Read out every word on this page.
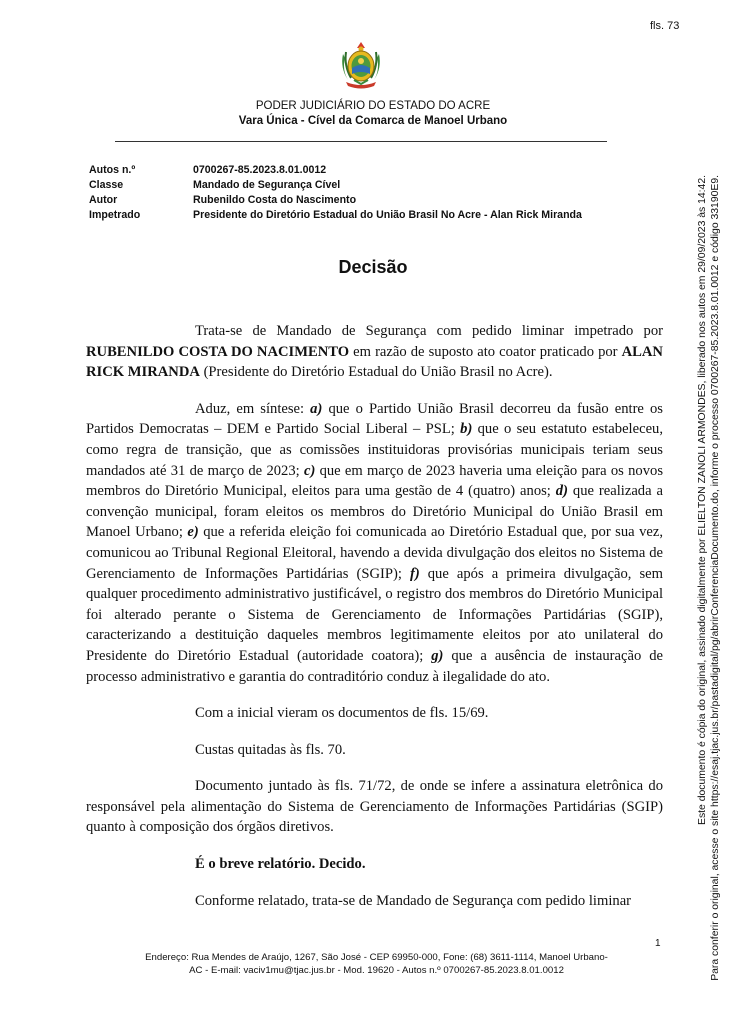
fls. 73
PODER JUDICIÁRIO DO ESTADO DO ACRE
Vara Única - Cível da Comarca de Manoel Urbano
Autos n.º	0700267-85.2023.8.01.0012
Classe	Mandado de Segurança Cível
Autor	Rubenildo Costa do Nascimento
Impetrado	Presidente do Diretório Estadual do União Brasil No Acre - Alan Rick Miranda
Decisão

Trata-se de Mandado de Segurança com pedido liminar impetrado por RUBENILDO COSTA DO NACIMENTO em razão de suposto ato coator praticado por ALAN RICK MIRANDA (Presidente do Diretório Estadual do União Brasil no Acre).

Aduz, em síntese: a) que o Partido União Brasil decorreu da fusão entre os Partidos Democratas – DEM e Partido Social Liberal – PSL; b) que o seu estatuto estabeleceu, como regra de transição, que as comissões instituidoras provisórias municipais teriam seus mandados até 31 de março de 2023; c) que em março de 2023 haveria uma eleição para os novos membros do Diretório Municipal, eleitos para uma gestão de 4 (quatro) anos; d) que realizada a convenção municipal, foram eleitos os membros do Diretório Municipal do União Brasil em Manoel Urbano; e) que a referida eleição foi comunicada ao Diretório Estadual que, por sua vez, comunicou ao Tribunal Regional Eleitoral, havendo a devida divulgação dos eleitos no Sistema de Gerenciamento de Informações Partidárias (SGIP); f) que após a primeira divulgação, sem qualquer procedimento administrativo justificável, o registro dos membros do Diretório Municipal foi alterado perante o Sistema de Gerenciamento de Informações Partidárias (SGIP), caracterizando a destituição daqueles membros legitimamente eleitos por ato unilateral do Presidente do Diretório Estadual (autoridade coatora); g) que a ausência de instauração de processo administrativo e garantia do contraditório conduz à ilegalidade do ato.

Com a inicial vieram os documentos de fls. 15/69.

Custas quitadas às fls. 70.

Documento juntado às fls. 71/72, de onde se infere a assinatura eletrônica do responsável pela alimentação do Sistema de Gerenciamento de Informações Partidárias (SGIP) quanto à composição dos órgãos diretivos.

É o breve relatório. Decido.

Conforme relatado, trata-se de Mandado de Segurança com pedido liminar

1
Endereço: Rua Mendes de Araújo, 1267, São José - CEP 69950-000, Fone: (68) 3611-1114, Manoel Urbano-
AC - E-mail: vaciv1mu@tjac.jus.br - Mod. 19620 - Autos n.º 0700267-85.2023.8.01.0012
Este documento é cópia do original, assinado digitalmente por ELIELTON ZANOLI ARMONDES, liberado nos autos em 29/09/2023 às 14:42. Para conferir o original, acesse o site https://esaj.tjac.jus.br/pastadigital/pg/abrirConferenciaDocumento.do, informe o processo 0700267-85.2023.8.01.0012 e código 33190E9.
